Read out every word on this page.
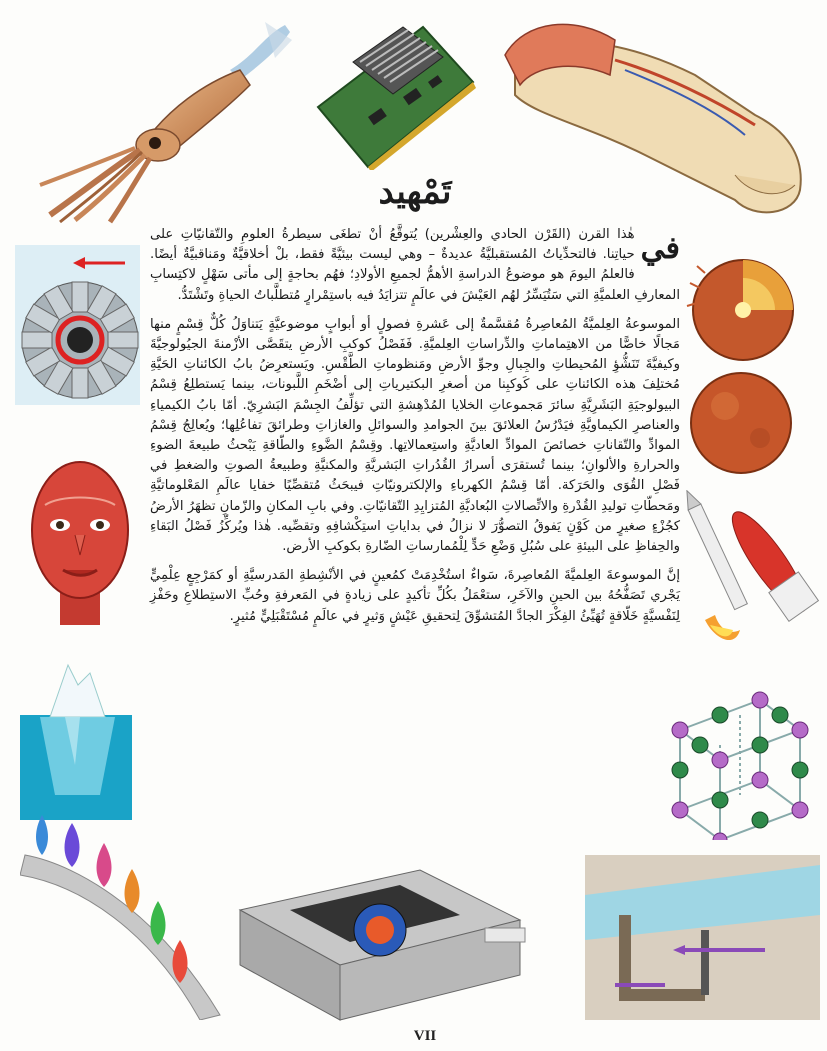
تَمْهيد

في
هٰذا القرن (القَرْن الحادي والعِشْرين) يُتوقَّعُ أنْ تطغَى سيطرةُ العلومِ والتّقانيّاتِ على حياتِنا. فالتحدِّياتُ المُستقبليَّةُ عديدةٌ – وهي ليست بيئيَّةً فقط، بلْ أخلاقيَّةٌ ومَناقبيَّةٌ أيضًا. فالعلمُ اليومَ هو موضوعُ الدراسةِ الأهمُّ لجميعِ الأولادِ؛ فهُم بحاجةٍ إلى مأتى سَهْلٍ لاكتِسابِ المعارفِ العلميَّةِ التي سَتُيَسِّرُ لهُم العَيْشَ في عالَمٍ تتزايَدُ فيه باستِمْرارٍ مُتطلَّباتُ الحياةِ وتَشْتَدُّ.

الموسوعةُ العِلميَّةُ المُعاصِرةُ مُقسَّمةٌ إلى عَشرةِ فصولٍ أو أبوابٍ موضوعيَّةٍ يَتناوَلُ كُلٌّ قِسْمٍ منها مَجالًا خاصًّا من الاهتِماماتِ والدِّراساتِ العِلميَّةِ. فَفَصْلُ كوكبِ الأرضِ يتقَصَّى الأزْمنةَ الجيُولوجيَّةَ وكيفيَّةَ تَنَشُّؤِ المُحيطاتِ والجِبالِ وجوِّ الأرضِ ومَنظوماتِ الطَّقْسِ. ويَستعرِضُ بابُ الكائناتِ الحَيَّةِ مُختلِفَ هذه الكائناتِ على كَوكبِنا من أصغرِ البكتيرياتِ إلى أضْخَمِ اللَّبونات، بينما يَستطلِعُ قِسْمُ البيولوجيَةِ البَشَرِيَّةِ سائرَ مَجموعاتِ الخلايا المُدْهِشةِ التي تؤلِّفُ الجِسْمَ البَشرِيّ. أمّا بابُ الكيمياءِ والعناصرِ الكيماويَّةِ فيَدْرُسُ العلائقَ بينَ الجوامدِ والسوائلِ والغازاتِ وطرائقَ تفاعُلِها؛ ويُعالِجُ قِسْمُ الموادِّ والتّقاناتِ خصائصَ الموادِّ العاديَّةِ واستِعمالاتِها. وقِسْمُ الضَّوءِ والطّاقةِ يَبْحثُ طبيعةَ الضوءِ والحرارةِ والألوانِ؛ بينما تُستقرَى أسرارُ القُدُراتِ البَشريَّةِ والمكنيَّةِ وطبيعةُ الصوتِ والضغطِ في فَصْلِ القُوَى والحَرَكة. أمّا قِسْمُ الكهرباءِ والإلكترونيّاتِ فيبحَثُ مُتقصِّيًا خفايا عالَمِ المَعْلوماتيَّةِ ومَحطّاتِ توليدِ القُدْرةِ والاتِّصالاتِ البُعاديَّةِ المُتزايِدِ التّقانيّاتِ. وفي بابِ المكانِ والزّمانِ تظهَرُ الأرضُ كجُزْءٍ صغيرٍ من كَوْنٍ يَفوقُ التصوُّرَ لا نزالُ في بداياتِ استِكْشافِهِ وتقصِّيه. هٰذا ويُركِّزُ فَصْلُ البَقاءِ والحِفاظِ على البيئةِ على سُبُلِ وَضْعِ حَدٍّ لِلْمُمارساتِ الضّارةِ بكوكبِ الأرض.

إنَّ الموسوعةَ العِلميَّةَ المُعاصِرةَ، سَواءٌ استُخْدِمَتْ كمُعينٍ في الأنْشِطةِ المَدرسيَّةِ أو كمَرْجِعٍ عِلْمِيٍّ يَجْري تَصَفُّحُهُ بين الحينِ والآخَرِ، ستعْمَلُ بكُلِّ تأكيدٍ على زيادةٍ في المَعرفةِ وحُبِّ الاستِطلاعِ وحَفْزِ لِنَفْسيَّةٍ خَلّاقةٍ تُهَيِّئُ الفِكْرَ الجادَّ المُتشوِّقَ لِتحقيقِ عَيْشٍ وَثيرٍ في عالَمٍ مُسْتَقْبَلِيٍّ مُثيرٍ.

VII
